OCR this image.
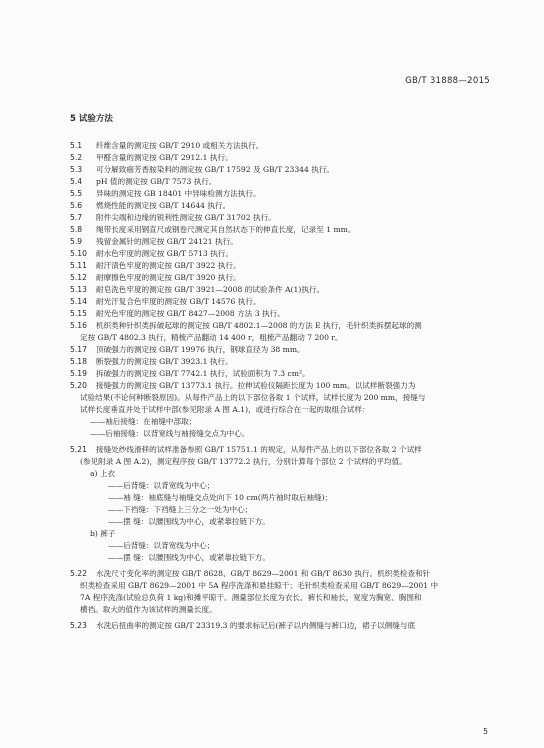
GB/T 31888—2015
5 试验方法
5.1 纤维含量的测定按 GB/T 2910 或相关方法执行。
5.2 甲醛含量的测定按 GB/T 2912.1 执行。
5.3 可分解致癌芳香胺染料的测定按 GB/T 17592 及 GB/T 23344 执行。
5.4 pH 值的测定按 GB/T 7573 执行。
5.5 异味的测定按 GB 18401 中异味检测方法执行。
5.6 燃烧性能的测定按 GB/T 14644 执行。
5.7 附件尖端和边缘的锐利性测定按 GB/T 31702 执行。
5.8 绳带长度采用钢直尺或钢卷尺测定其自然状态下的伸直长度，记录至 1 mm。
5.9 残留金属针的测定按 GB/T 24121 执行。
5.10 耐水色牢度的测定按 GB/T 5713 执行。
5.11 耐汗渍色牢度的测定按 GB/T 3922 执行。
5.12 耐摩擦色牢度的测定按 GB/T 3920 执行。
5.13 耐皂洗色牢度的测定按 GB/T 3921—2008 的试验条件 A(1)执行。
5.14 耐光汗复合色牢度的测定按 GB/T 14576 执行。
5.15 耐光色牢度的测定按 GB/T 8427—2008 方法 3 执行。
5.16 机织类种针织类拆破起球的测定按 GB/T 4802.1—2008 的方法 E 执行，毛针织类拆摆起球的测
定按 GB/T 4802.3 执行，精梳产品翻动 14 400 r，粗梳产品翻动 7 200 r。
5.17 顶破强力的测定按 GB/T 19976 执行，钢球直径为 38 mm。
5.18 断裂强力的测定按 GB/T 3923.1 执行。
5.19 拆破强力的测定按 GB/T 7742.1 执行，试验面积为 7.3 cm²。
5.20 接缝强力的测定按 GB/T 13773.1 执行。拉伸试验仪隔距长度为 100 mm。以试样断裂强力为
试验结果(不论何种断裂原因)。从每件产品上的以下部位各取 1 个试样，试样长度为 200 mm，接缝与
试样长度垂直并处于试样中部(参见附录 A 图 A.1)，或进行综合在一起的取组合试样：
——袖后接缝：在袖缝中部取；
——后袖接缝：以背宽线与袖接缝交点为中心。
5.21 接缝处纱线滑移的试样准备参照 GB/T 15751.1 的规定，从每件产品上的以下部位各取 2 个试样
(参见附录 A 图 A.2)，测定程序按 GB/T 13772.2 执行，分别计算每个部位 2 个试样的平均值。
a) 上衣
——后背缝：以背宽线为中心；
——袖 缝：袖底缝与袖缝交点处向下 10 cm(两片袖时取后袖缝)；
——下裆缝：下裆缝上三分之一处为中心；
——摆 缝：以腰围线为中心，或紧靠拉链下方。
b) 裤子
——后背缝：以背宽线为中心；
——摆 缝：以腰围线为中心，或紧靠拉链下方。
5.22 水洗尺寸变化率的测定按 GB/T 8628、GB/T 8629—2001 和 GB/T 8630 执行。机织类检查和针
织类检查采用 GB/T 8629—2001 中 5A 程序洗涤和悬挂晾干；毛针织类检查采用 GB/T 8629—2001 中
7A 程序洗涤(试验总负荷 1 kg)和摊平晾干。测量部位长度为衣长、裤长和袖长，宽度为胸宽、胸围和
横裆。取大的值作为该试样的测量长度。
5.23 水洗后扭曲率的测定按 GB/T 23319.3 的要求标记后(裤子以内侧缝与裤口边，裙子以侧缝与底
5
